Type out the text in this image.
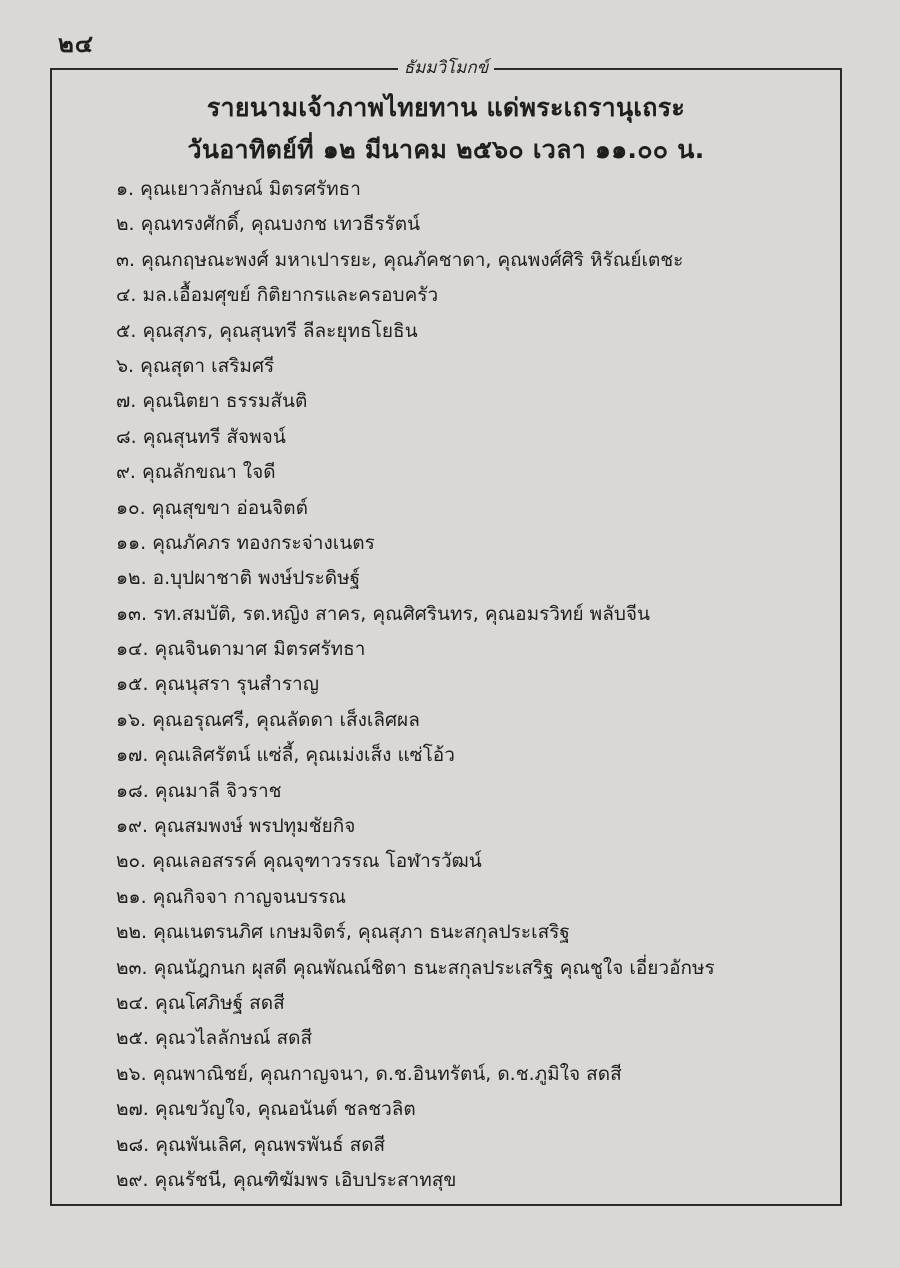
๒๔
ธัมมวิโมกข์
รายนามเจ้าภาพไทยทาน แด่พระเถรานุเถระ
วันอาทิตย์ที่ ๑๒ มีนาคม ๒๕๖๐ เวลา ๑๑.๐๐ น.
๑. คุณเยาวลักษณ์ มิตรศรัทธา
๒. คุณทรงศักดิ์, คุณบงกช เทวธีรรัตน์
๓. คุณกฤษณะพงศ์ มหาเปารยะ, คุณภัคชาดา, คุณพงศ์ศิริ หิรัณย์เตชะ
๔. มล.เอื้อมศุขย์ กิติยากรและครอบครัว
๕. คุณสุภร, คุณสุนทรี ลีละยุทธโยธิน
๖. คุณสุดา เสริมศรี
๗. คุณนิตยา ธรรมสันติ
๘. คุณสุนทรี สัจพจน์
๙. คุณลักขณา ใจดี
๑๐. คุณสุขขา อ่อนจิตต์
๑๑. คุณภัคภร ทองกระจ่างเนตร
๑๒. อ.บุปผาชาติ พงษ์ประดิษฐ์
๑๓. รท.สมบัติ, รต.หญิง สาคร, คุณศิศรินทร, คุณอมรวิทย์ พลับจีน
๑๔. คุณจินดามาศ มิตรศรัทธา
๑๕. คุณนุสรา รุนสำราญ
๑๖. คุณอรุณศรี, คุณลัดดา เส็งเลิศผล
๑๗. คุณเลิศรัตน์ แซ่ลี้, คุณเม่งเส็ง แซ่โอ้ว
๑๘. คุณมาลี จิวราช
๑๙. คุณสมพงษ์ พรปทุมชัยกิจ
๒๐. คุณเลอสรรค์ คุณจุฑาวรรณ โอฬารวัฒน์
๒๑. คุณกิจจา กาญจนบรรณ
๒๒. คุณเนตรนภิศ เกษมจิตร์, คุณสุภา ธนะสกุลประเสริฐ
๒๓. คุณนัฎกนก ผุสดี คุณพัณณ์ชิตา ธนะสกุลประเสริฐ คุณชูใจ เอี่ยวอักษร
๒๔. คุณโศภิษฐ์ สดสี
๒๕. คุณวไลลักษณ์ สดสี
๒๖. คุณพาณิชย์, คุณกาญจนา, ด.ช.อินทรัตน์, ด.ช.ภูมิใจ สดสี
๒๗. คุณขวัญใจ, คุณอนันต์ ชลชวลิต
๒๘. คุณพันเลิศ, คุณพรพันธ์ สดสี
๒๙. คุณรัชนี, คุณฑิฆัมพร เอิบประสาทสุข
